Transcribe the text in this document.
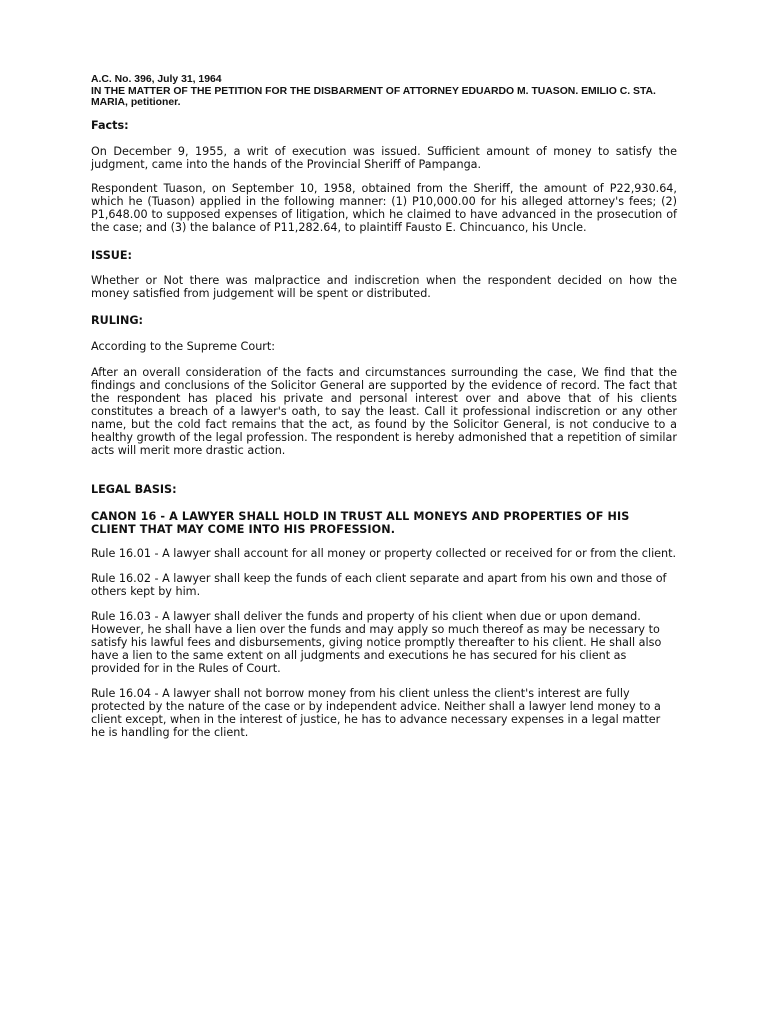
A.C. No. 396, July 31, 1964

IN THE MATTER OF THE PETITION FOR THE DISBARMENT OF ATTORNEY EDUARDO M. TUASON. EMILIO C. STA. MARIA, petitioner.

Facts:

On December 9, 1955, a writ of execution was issued. Sufficient amount of money to satisfy the judgment, came into the hands of the Provincial Sheriff of Pampanga.

Respondent Tuason, on September 10, 1958, obtained from the Sheriff, the amount of P22,930.64, which he (Tuason) applied in the following manner: (1) P10,000.00 for his alleged attorney's fees; (2) P1,648.00 to supposed expenses of litigation, which he claimed to have advanced in the prosecution of the case; and (3) the balance of P11,282.64, to plaintiff Fausto E. Chincuanco, his Uncle.

ISSUE:

Whether or Not there was malpractice and indiscretion when the respondent decided on how the money satisfied from judgement will be spent or distributed.

RULING:

According to the Supreme Court:

After an overall consideration of the facts and circumstances surrounding the case, We find that the findings and conclusions of the Solicitor General are supported by the evidence of record. The fact that the respondent has placed his private and personal interest over and above that of his clients constitutes a breach of a lawyer's oath, to say the least. Call it professional indiscretion or any other name, but the cold fact remains that the act, as found by the Solicitor General, is not conducive to a healthy growth of the legal profession. The respondent is hereby admonished that a repetition of similar acts will merit more drastic action.

LEGAL BASIS:

CANON 16 - A LAWYER SHALL HOLD IN TRUST ALL MONEYS AND PROPERTIES OF HIS CLIENT THAT MAY COME INTO HIS PROFESSION.

Rule 16.01 - A lawyer shall account for all money or property collected or received for or from the client.

Rule 16.02 - A lawyer shall keep the funds of each client separate and apart from his own and those of others kept by him.

Rule 16.03 - A lawyer shall deliver the funds and property of his client when due or upon demand. However, he shall have a lien over the funds and may apply so much thereof as may be necessary to satisfy his lawful fees and disbursements, giving notice promptly thereafter to his client. He shall also have a lien to the same extent on all judgments and executions he has secured for his client as provided for in the Rules of Court.

Rule 16.04 - A lawyer shall not borrow money from his client unless the client's interest are fully protected by the nature of the case or by independent advice. Neither shall a lawyer lend money to a client except, when in the interest of justice, he has to advance necessary expenses in a legal matter he is handling for the client.
